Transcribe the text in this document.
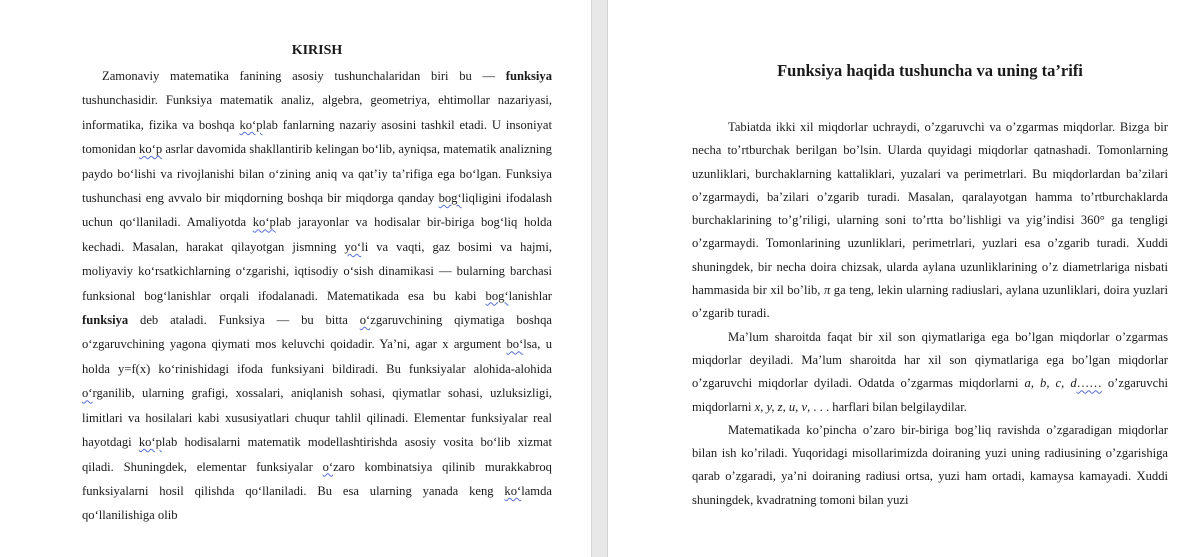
KIRISH

Zamonaviy matematika fanining asosiy tushunchalaridan biri bu — funksiya tushunchasidir. Funksiya matematik analiz, algebra, geometriya, ehtimollar nazariyasi, informatika, fizika va boshqa ko‘plab fanlarning nazariy asosini tashkil etadi. U insoniyat tomonidan ko‘p asrlar davomida shakllantirib kelingan bo‘lib, ayniqsa, matematik analizning paydo bo‘lishi va rivojlanishi bilan o‘zining aniq va qat’iy ta’rifiga ega bo‘lgan. Funksiya tushunchasi eng avvalo bir miqdorning boshqa bir miqdorga qanday bog‘liqligini ifodalash uchun qo‘llaniladi. Amaliyotda ko‘plab jarayonlar va hodisalar bir-biriga bog‘liq holda kechadi. Masalan, harakat qilayotgan jismning yo‘li va vaqti, gaz bosimi va hajmi, moliyaviy ko‘rsatkichlarning o‘zgarishi, iqtisodiy o‘sish dinamikasi — bularning barchasi funksional bog‘lanishlar orqali ifodalanadi. Matematikada esa bu kabi bog‘lanishlar funksiya deb ataladi. Funksiya — bu bitta o‘zgaruvchining qiymatiga boshqa o‘zgaruvchining yagona qiymati mos keluvchi qoidadir. Ya’ni, agar x argument bo‘lsa, u holda y=f(x) ko‘rinishidagi ifoda funksiyani bildiradi. Bu funksiyalar alohida-alohida o‘rganilib, ularning grafigi, xossalari, aniqlanish sohasi, qiymatlar sohasi, uzluksizligi, limitlari va hosilalari kabi xususiyatlari chuqur tahlil qilinadi. Elementar funksiyalar real hayotdagi ko‘plab hodisalarni matematik modellashtirishda asosiy vosita bo‘lib xizmat qiladi. Shuningdek, elementar funksiyalar o‘zaro kombinatsiya qilinib murakkabroq funksiyalarni hosil qilishda qo‘llaniladi. Bu esa ularning yanada keng ko‘lamda qo‘llanilishiga olib

Funksiya haqida tushuncha va uning ta’rifi

Tabiatda ikki xil miqdorlar uchraydi, o’zgaruvchi va o’zgarmas miqdorlar. Bizga bir necha to’rtburchak berilgan bo’lsin. Ularda quyidagi miqdorlar qatnashadi. Tomonlarning uzunliklari, burchaklarning kattaliklari, yuzalari va perimetrlari. Bu miqdorlardan ba’zilari o’zgarmaydi, ba’zilari o’zgarib turadi. Masalan, qaralayotgan hamma to’rtburchaklarda burchaklarining to’g’riligi, ularning soni to’rtta bo’lishligi va yig’indisi 360° ga tengligi o’zgarmaydi. Tomonlarining uzunliklari, perimetrlari, yuzlari esa o’zgarib turadi. Xuddi shuningdek, bir necha doira chizsak, ularda aylana uzunliklarining o’z diametrlariga nisbati hammasida bir xil bo’lib, π ga teng, lekin ularning radiuslari, aylana uzunliklari, doira yuzlari o’zgarib turadi.

Ma’lum sharoitda faqat bir xil son qiymatlariga ega bo’lgan miqdorlar o’zgarmas miqdorlar deyiladi. Ma’lum sharoitda har xil son qiymatlariga ega bo’lgan miqdorlar o’zgaruvchi miqdorlar dyiladi. Odatda o’zgarmas miqdorlarni a, b, c, d…… o’zgaruvchi miqdorlarni x, y, z, u, v, . . . harflari bilan belgilaydilar.

Matematikada ko’pincha o’zaro bir-biriga bog’liq ravishda o’zgaradigan miqdorlar bilan ish ko’riladi. Yuqoridagi misollarimizda doiraning yuzi uning radiusining o’zgarishiga qarab o’zgaradi, ya’ni doiraning radiusi ortsa, yuzi ham ortadi, kamaysa kamayadi. Xuddi shuningdek, kvadratning tomoni bilan yuzi
